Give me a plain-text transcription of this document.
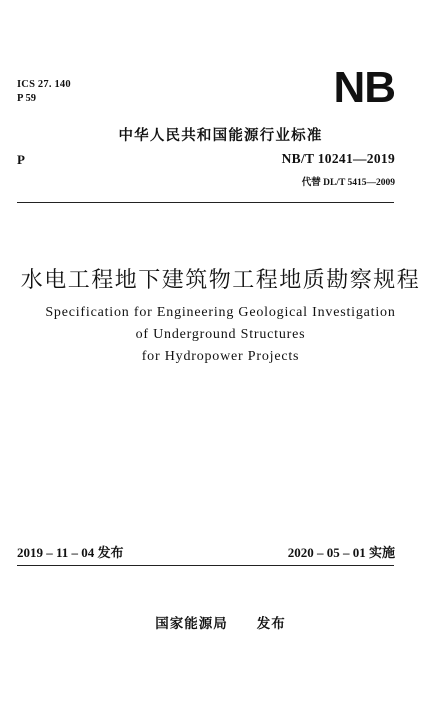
ICS 27. 140
P 59	NB
中华人民共和国能源行业标准
P	NB/T 10241—2019
代替 DL/T 5415—2009
水电工程地下建筑物工程地质勘察规程
Specification for Engineering Geological Investigation
of Underground Structures
for Hydropower Projects
2019 – 11 – 04 发布	2020 – 05 – 01 实施
国家能源局　　发布
